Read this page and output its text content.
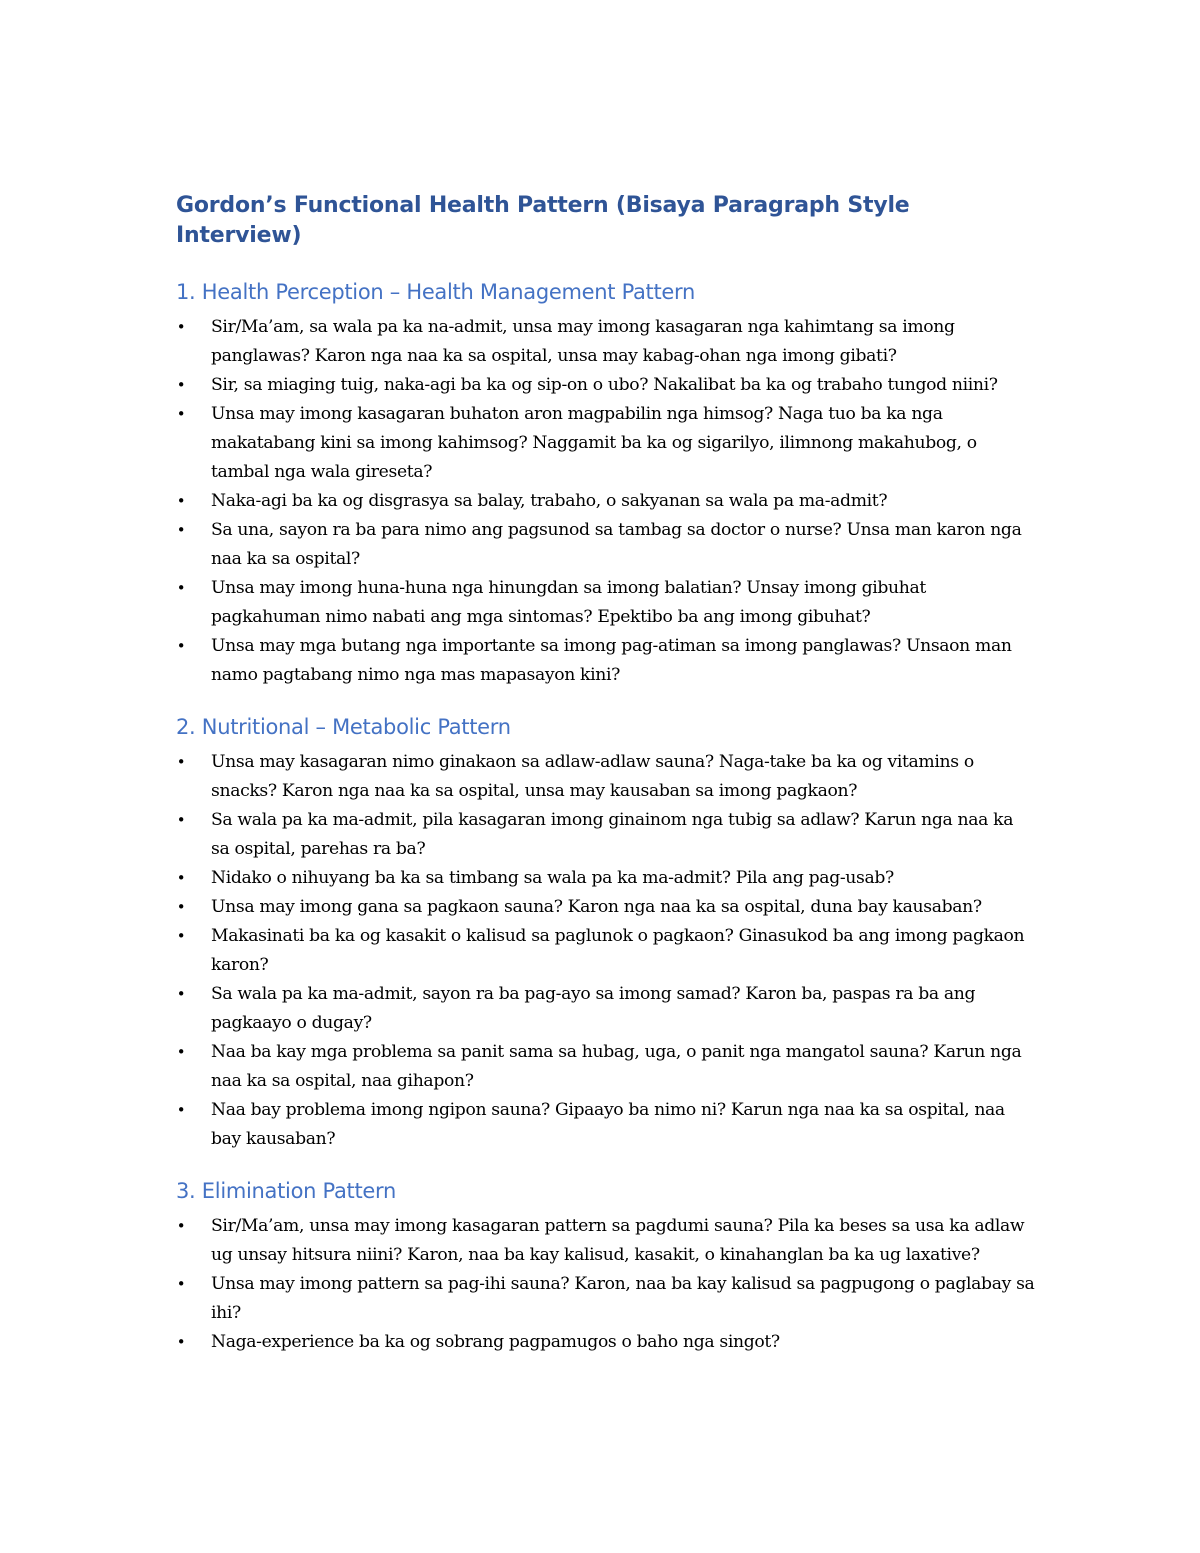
Gordon’s Functional Health Pattern (Bisaya Paragraph Style Interview)
1. Health Perception – Health Management Pattern
• Sir/Ma’am, sa wala pa ka na-admit, unsa may imong kasagaran nga kahimtang sa imong panglawas? Karon nga naa ka sa ospital, unsa may kabag-ohan nga imong gibati?
• Sir, sa miaging tuig, naka-agi ba ka og sip-on o ubo? Nakalibat ba ka og trabaho tungod niini?
• Unsa may imong kasagaran buhaton aron magpabilin nga himsog? Naga tuo ba ka nga makatabang kini sa imong kahimsog? Naggamit ba ka og sigarilyo, ilimnong makahubog, o tambal nga wala gireseta?
• Naka-agi ba ka og disgrasya sa balay, trabaho, o sakyanan sa wala pa ma-admit?
• Sa una, sayon ra ba para nimo ang pagsunod sa tambag sa doctor o nurse? Unsa man karon nga naa ka sa ospital?
• Unsa may imong huna-huna nga hinungdan sa imong balatian? Unsay imong gibuhat pagkahuman nimo nabati ang mga sintomas? Epektibo ba ang imong gibuhat?
• Unsa may mga butang nga importante sa imong pag-atiman sa imong panglawas? Unsaon man namo pagtabang nimo nga mas mapasayon kini?
2. Nutritional – Metabolic Pattern
• Unsa may kasagaran nimo ginakaon sa adlaw-adlaw sauna? Naga-take ba ka og vitamins o snacks? Karon nga naa ka sa ospital, unsa may kausaban sa imong pagkaon?
• Sa wala pa ka ma-admit, pila kasagaran imong ginainom nga tubig sa adlaw? Karun nga naa ka sa ospital, parehas ra ba?
• Nidako o nihuyang ba ka sa timbang sa wala pa ka ma-admit? Pila ang pag-usab?
• Unsa may imong gana sa pagkaon sauna? Karon nga naa ka sa ospital, duna bay kausaban?
• Makasinati ba ka og kasakit o kalisud sa paglunok o pagkaon? Ginasukod ba ang imong pagkaon karon?
• Sa wala pa ka ma-admit, sayon ra ba pag-ayo sa imong samad? Karon ba, paspas ra ba ang pagkaayo o dugay?
• Naa ba kay mga problema sa panit sama sa hubag, uga, o panit nga mangatol sauna? Karun nga naa ka sa ospital, naa gihapon?
• Naa bay problema imong ngipon sauna? Gipaayo ba nimo ni? Karun nga naa ka sa ospital, naa bay kausaban?
3. Elimination Pattern
• Sir/Ma’am, unsa may imong kasagaran pattern sa pagdumi sauna? Pila ka beses sa usa ka adlaw ug unsay hitsura niini? Karon, naa ba kay kalisud, kasakit, o kinahanglan ba ka ug laxative?
• Unsa may imong pattern sa pag-ihi sauna? Karon, naa ba kay kalisud sa pagpugong o paglabay sa ihi?
• Naga-experience ba ka og sobrang pagpamugos o baho nga singot?
